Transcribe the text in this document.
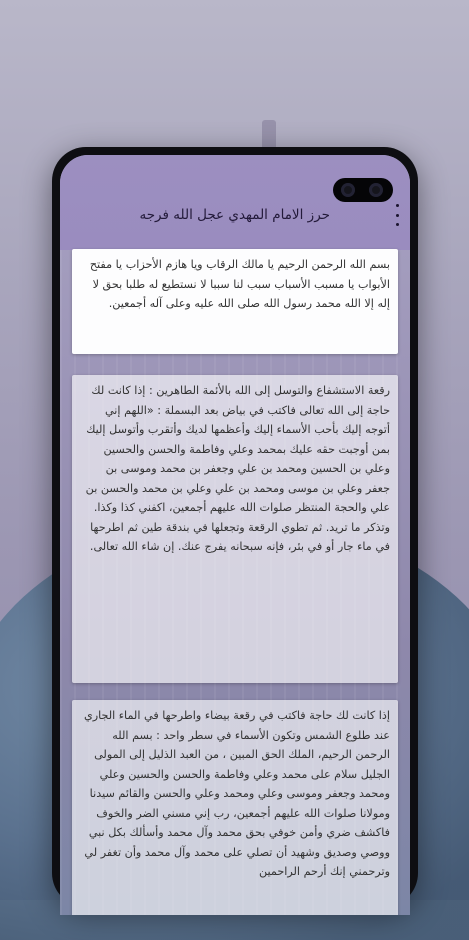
حرز الامام المهدي عجل الله فرجه

بسم الله الرحمن الرحيم يا مالك الرقاب ويا هازم الأحزاب يا مفتح الأبواب يا مسبب الأسباب سبب لنا سببا لا نستطيع له طلبا بحق لا إله إلا الله محمد رسول الله صلى الله عليه وعلى آله أجمعين.

رقعة الاستشفاع والتوسل إلى الله بالأئمة الطاهرين : إذا كانت لك حاجة إلى الله تعالى فاكتب في بياض بعد البسملة : «اللهم إني أتوجه إليك بأحب الأسماء إليك وأعظمها لديك وأتقرب وأتوسل إليك بمن أوجبت حقه عليك بمحمد وعلي وفاطمة والحسن والحسين وعلي بن الحسين ومحمد بن علي وجعفر بن محمد وموسى بن جعفر وعلي بن موسى ومحمد بن علي وعلي بن محمد والحسن بن علي والحجة المنتظر صلوات الله عليهم أجمعين، اكفني كذا وكذا. وتذكر ما تريد. ثم تطوي الرقعة وتجعلها في بندقة طين ثم اطرحها في ماء جار أو في بئر، فإنه سبحانه يفرج عنك. إن شاء الله تعالى.

إذا كانت لك حاجة فاكتب في رقعة بيضاء واطرحها في الماء الجاري عند طلوع الشمس وتكون الأسماء في سطر واحد : بسم الله الرحمن الرحيم، الملك الحق المبين ، من العبد الذليل إلى المولى الجليل سلام على محمد وعلي وفاطمة والحسن والحسين وعلي ومحمد وجعفر وموسى وعلي ومحمد وعلي والحسن والقائم سيدنا ومولانا صلوات الله عليهم أجمعين، رب إني مسني الضر والخوف فاكشف ضري وأمن خوفي بحق محمد وآل محمد وأسألك بكل نبي ووصي وصديق وشهيد أن تصلي على محمد وآل محمد وأن تغفر لي وترحمني إنك أرحم الراحمين
